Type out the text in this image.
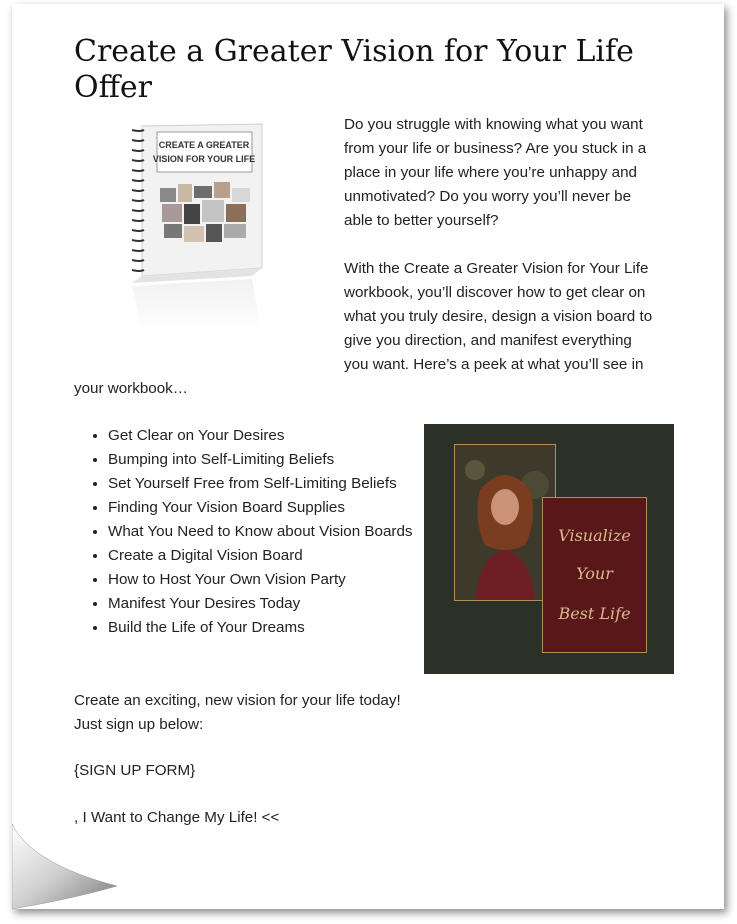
Create a Greater Vision for Your Life Offer
CREATE A GREATER
VISION FOR YOUR LIFE

Do you struggle with knowing what you want

from your life or business? Are you stuck in a

place in your life where you’re unhappy and

unmotivated? Do you worry you’ll never be

able to better yourself?

With the Create a Greater Vision for Your Life

workbook, you’ll discover how to get clear on

what you truly desire, design a vision board to

give you direction, and manifest everything

you want. Here’s a peek at what you’ll see in

your workbook…

• Get Clear on Your Desires
• Bumping into Self-Limiting Beliefs
• Set Yourself Free from Self-Limiting Beliefs
• Finding Your Vision Board Supplies
• What You Need to Know about Vision Boards
• Create a Digital Vision Board
• How to Host Your Own Vision Party
• Manifest Your Desires Today
• Build the Life of Your Dreams
Visualize
Your
Best Life

Create an exciting, new vision for your life today! Just sign up below:

{SIGN UP FORM}

, I Want to Change My Life! <<
